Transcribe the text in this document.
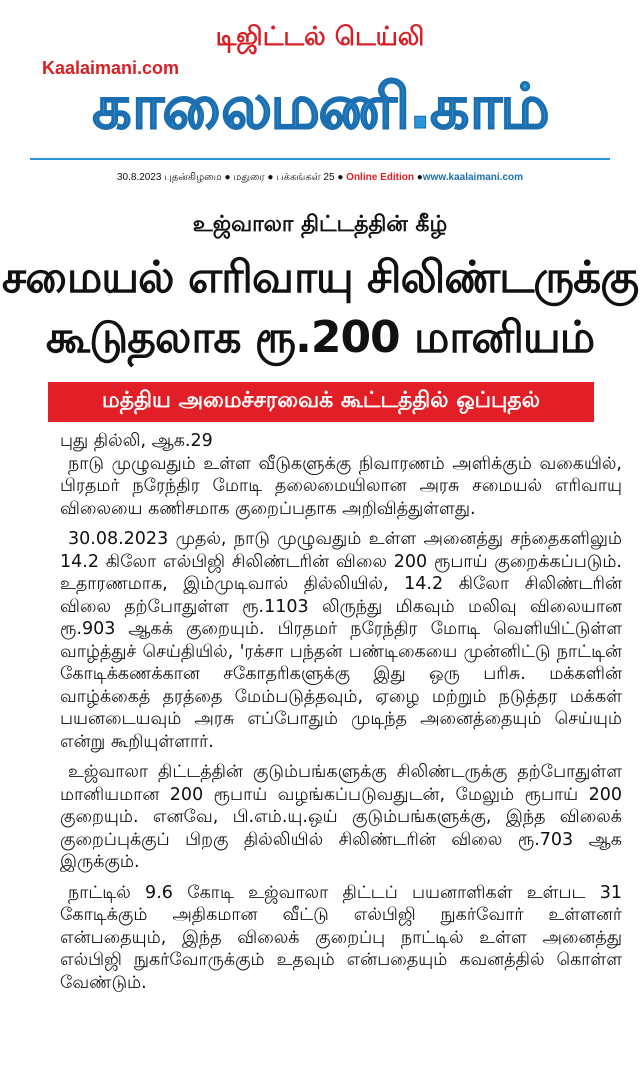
டிஜிட்டல் டெய்லி
Kaalaimani.com
காலைமணி.காம்
30.8.2023 புதன்கிழமை ● மதுரை ● பக்கங்கள் 25 ● Online Edition ●www.kaalaimani.com
உஜ்வாலா திட்டத்தின் கீழ்
சமையல் எரிவாயு சிலிண்டருக்கு
கூடுதலாக ரூ.200 மானியம்
மத்திய அமைச்சரவைக் கூட்டத்தில் ஒப்புதல்

புது தில்லி, ஆக.29

நாடு முழுவதும் உள்ள வீடுகளுக்கு நிவாரணம் அளிக்கும் வகையில், பிரதமர் நரேந்திர மோடி தலைமையிலான அரசு சமையல் எரிவாயு விலையை கணிசமாக குறைப்பதாக அறிவித்துள்ளது.

30.08.2023 முதல், நாடு முழுவதும் உள்ள அனைத்து சந்தைகளிலும் 14.2 கிலோ எல்பிஜி சிலிண்டரின் விலை 200 ரூபாய் குறைக்கப்படும். உதாரணமாக, இம்முடிவால் தில்லியில், 14.2 கிலோ சிலிண்டரின் விலை தற்போதுள்ள ரூ.1103 லிருந்து மிகவும் மலிவு விலையான ரூ.903 ஆகக் குறையும். பிரதமர் நரேந்திர மோடி வெளியிட்டுள்ள வாழ்த்துச் செய்தியில், 'ரக்சா பந்தன் பண்டிகையை முன்னிட்டு நாட்டின் கோடிக்கணக்கான சகோதரிகளுக்கு இது ஒரு பரிசு. மக்களின் வாழ்க்கைத் தரத்தை மேம்படுத்தவும், ஏழை மற்றும் நடுத்தர மக்கள் பயனடையவும் அரசு எப்போதும் முடிந்த அனைத்தையும் செய்யும் என்று கூறியுள்ளார்.

உஜ்வாலா திட்டத்தின் குடும்பங்களுக்கு சிலிண்டருக்கு தற்போதுள்ள மானியமான 200 ரூபாய் வழங்கப்படுவதுடன், மேலும் ரூபாய் 200 குறையும். எனவே, பி.எம்.யு.ஒய் குடும்பங்களுக்கு, இந்த விலைக் குறைப்புக்குப் பிறகு தில்லியில் சிலிண்டரின் விலை ரூ.703 ஆக இருக்கும்.

நாட்டில் 9.6 கோடி உஜ்வாலா திட்டப் பயனாளிகள் உள்பட 31 கோடிக்கும் அதிகமான வீட்டு எல்பிஜி நுகர்வோர் உள்ளனர் என்பதையும், இந்த விலைக் குறைப்பு நாட்டில் உள்ள அனைத்து எல்பிஜி நுகர்வோருக்கும் உதவும் என்பதையும் கவனத்தில் கொள்ள வேண்டும்.
